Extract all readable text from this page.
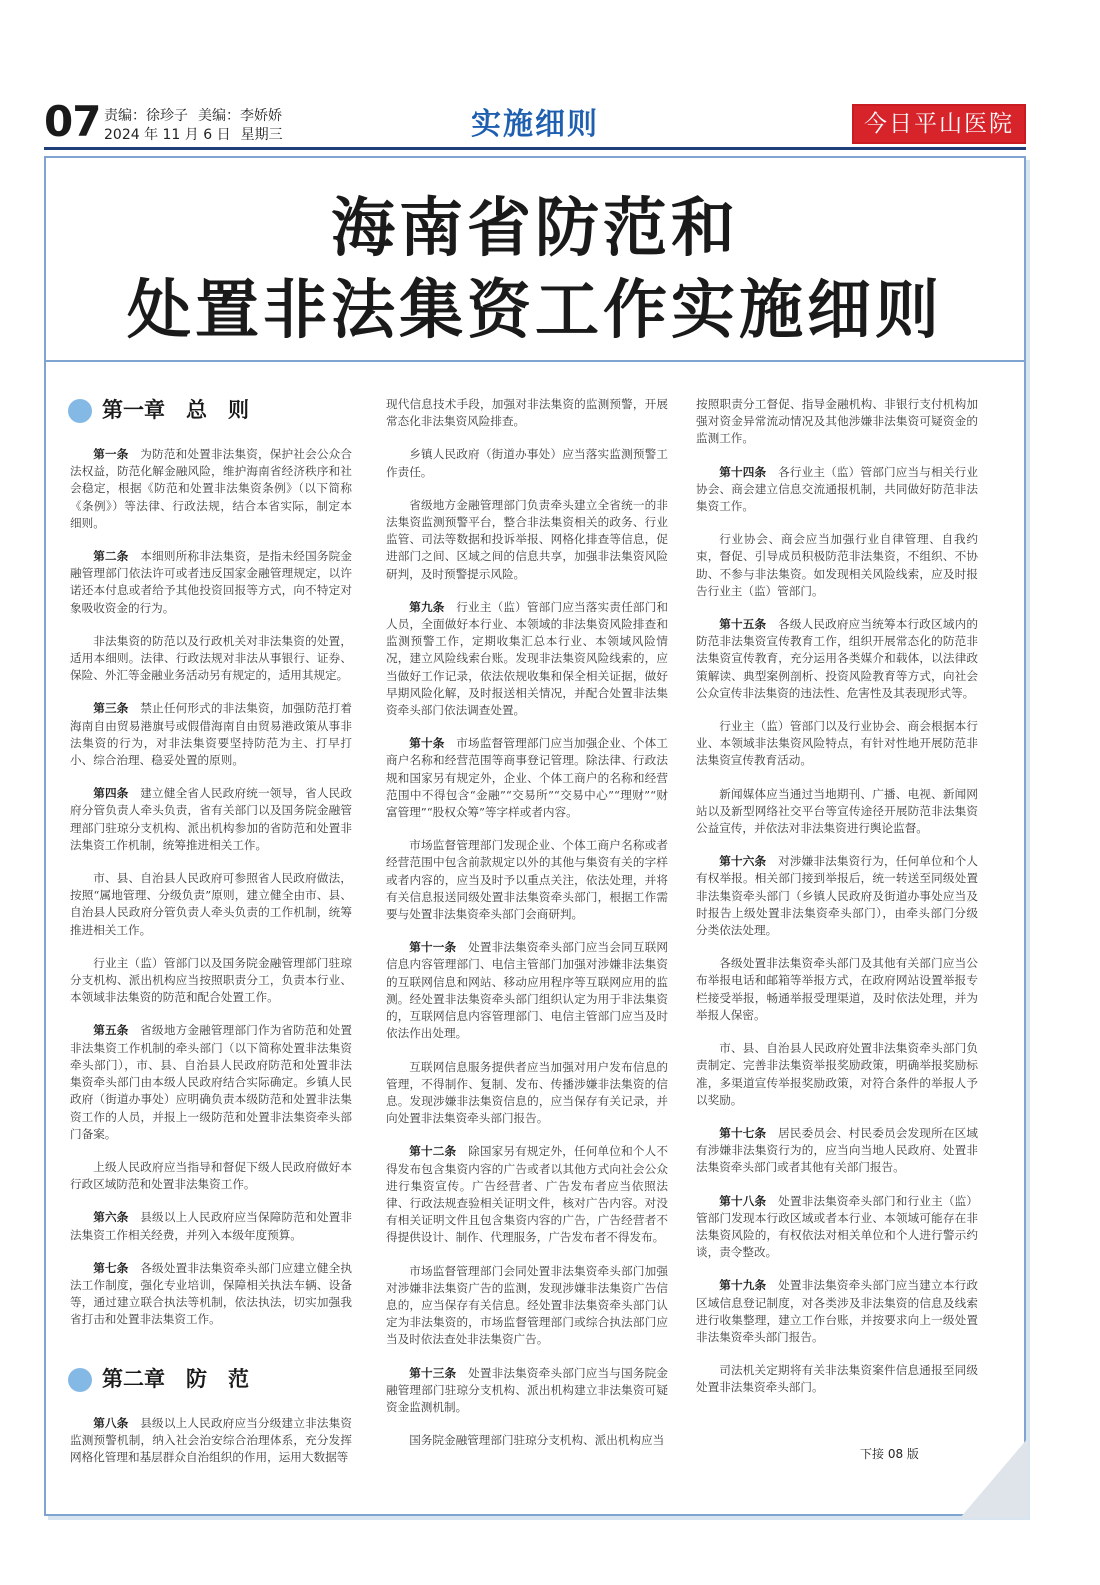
07 责编：徐珍子 美编：李娇娇
2024 年 11 月 6 日 星期三	实施细则	今日平山医院
海南省防范和
处置非法集资工作实施细则
第一章　总　则

第一条　 为防范和处置非法集资，保护社会公众合法权益，防范化解金融风险，维护海南省经济秩序和社会稳定，根据《防范和处置非法集资条例》（以下简称《条例》）等法律、行政法规，结合本省实际，制定本细则。

第二条　 本细则所称非法集资，是指未经国务院金融管理部门依法许可或者违反国家金融管理规定，以许诺还本付息或者给予其他投资回报等方式，向不特定对象吸收资金的行为。

非法集资的防范以及行政机关对非法集资的处置，适用本细则。法律、行政法规对非法从事银行、证券、保险、外汇等金融业务活动另有规定的，适用其规定。

第三条　 禁止任何形式的非法集资，加强防范打着海南自由贸易港旗号或假借海南自由贸易港政策从事非法集资的行为，对非法集资要坚持防范为主、打早打小、综合治理、稳妥处置的原则。

第四条　 建立健全省人民政府统一领导，省人民政府分管负责人牵头负责，省有关部门以及国务院金融管理部门驻琼分支机构、派出机构参加的省防范和处置非法集资工作机制，统筹推进相关工作。

市、县、自治县人民政府可参照省人民政府做法，按照“属地管理、分级负责”原则，建立健全由市、县、自治县人民政府分管负责人牵头负责的工作机制，统筹推进相关工作。

行业主（监）管部门以及国务院金融管理部门驻琼分支机构、派出机构应当按照职责分工，负责本行业、本领域非法集资的防范和配合处置工作。

第五条　 省级地方金融管理部门作为省防范和处置非法集资工作机制的牵头部门（以下简称处置非法集资牵头部门），市、县、自治县人民政府防范和处置非法集资牵头部门由本级人民政府结合实际确定。乡镇人民政府（街道办事处）应明确负责本级防范和处置非法集资工作的人员，并报上一级防范和处置非法集资牵头部门备案。

上级人民政府应当指导和督促下级人民政府做好本行政区域防范和处置非法集资工作。

第六条　 县级以上人民政府应当保障防范和处置非法集资工作相关经费，并列入本级年度预算。

第七条　 各级处置非法集资牵头部门应建立健全执法工作制度，强化专业培训，保障相关执法车辆、设备等，通过建立联合执法等机制，依法执法，切实加强我省打击和处置非法集资工作。

第二章　防　范

第八条　 县级以上人民政府应当分级建立非法集资监测预警机制，纳入社会治安综合治理体系，充分发挥网格化管理和基层群众自治组织的作用，运用大数据等

现代信息技术手段，加强对非法集资的监测预警，开展常态化非法集资风险排查。

乡镇人民政府（街道办事处）应当落实监测预警工作责任。

省级地方金融管理部门负责牵头建立全省统一的非法集资监测预警平台，整合非法集资相关的政务、行业监管、司法等数据和投诉举报、网格化排查等信息，促进部门之间、区域之间的信息共享，加强非法集资风险研判，及时预警提示风险。

第九条　 行业主（监）管部门应当落实责任部门和人员，全面做好本行业、本领域的非法集资风险排查和监测预警工作，定期收集汇总本行业、本领域风险情况，建立风险线索台账。发现非法集资风险线索的，应当做好工作记录，依法依规收集和保全相关证据，做好早期风险化解，及时报送相关情况，并配合处置非法集资牵头部门依法调查处置。

第十条　 市场监督管理部门应当加强企业、个体工商户名称和经营范围等商事登记管理。除法律、行政法规和国家另有规定外，企业、个体工商户的名称和经营范围中不得包含“金融”“交易所”“交易中心”“理财”“财富管理”“股权众筹”等字样或者内容。

市场监督管理部门发现企业、个体工商户名称或者经营范围中包含前款规定以外的其他与集资有关的字样或者内容的，应当及时予以重点关注，依法处理，并将有关信息报送同级处置非法集资牵头部门，根据工作需要与处置非法集资牵头部门会商研判。

第十一条　 处置非法集资牵头部门应当会同互联网信息内容管理部门、电信主管部门加强对涉嫌非法集资的互联网信息和网站、移动应用程序等互联网应用的监测。经处置非法集资牵头部门组织认定为用于非法集资的，互联网信息内容管理部门、电信主管部门应当及时依法作出处理。

互联网信息服务提供者应当加强对用户发布信息的管理，不得制作、复制、发布、传播涉嫌非法集资的信息。发现涉嫌非法集资信息的，应当保存有关记录，并向处置非法集资牵头部门报告。

第十二条　 除国家另有规定外，任何单位和个人不得发布包含集资内容的广告或者以其他方式向社会公众进行集资宣传。广告经营者、广告发布者应当依照法律、行政法规查验相关证明文件，核对广告内容。对没有相关证明文件且包含集资内容的广告，广告经营者不得提供设计、制作、代理服务，广告发布者不得发布。

市场监督管理部门会同处置非法集资牵头部门加强对涉嫌非法集资广告的监测，发现涉嫌非法集资广告信息的，应当保存有关信息。经处置非法集资牵头部门认定为非法集资的，市场监督管理部门或综合执法部门应当及时依法查处非法集资广告。

第十三条　 处置非法集资牵头部门应当与国务院金融管理部门驻琼分支机构、派出机构建立非法集资可疑资金监测机制。

国务院金融管理部门驻琼分支机构、派出机构应当

按照职责分工督促、指导金融机构、非银行支付机构加强对资金异常流动情况及其他涉嫌非法集资可疑资金的监测工作。

第十四条　 各行业主（监）管部门应当与相关行业协会、商会建立信息交流通报机制，共同做好防范非法集资工作。

行业协会、商会应当加强行业自律管理、自我约束，督促、引导成员积极防范非法集资，不组织、不协助、不参与非法集资。如发现相关风险线索，应及时报告行业主（监）管部门。

第十五条　 各级人民政府应当统筹本行政区域内的防范非法集资宣传教育工作，组织开展常态化的防范非法集资宣传教育，充分运用各类媒介和载体，以法律政策解读、典型案例剖析、投资风险教育等方式，向社会公众宣传非法集资的违法性、危害性及其表现形式等。

行业主（监）管部门以及行业协会、商会根据本行业、本领域非法集资风险特点，有针对性地开展防范非法集资宣传教育活动。

新闻媒体应当通过当地期刊、广播、电视、新闻网站以及新型网络社交平台等宣传途径开展防范非法集资公益宣传，并依法对非法集资进行舆论监督。

第十六条　 对涉嫌非法集资行为，任何单位和个人有权举报。相关部门接到举报后，统一转送至同级处置非法集资牵头部门（乡镇人民政府及街道办事处应当及时报告上级处置非法集资牵头部门），由牵头部门分级分类依法处理。

各级处置非法集资牵头部门及其他有关部门应当公布举报电话和邮箱等举报方式，在政府网站设置举报专栏接受举报，畅通举报受理渠道，及时依法处理，并为举报人保密。

市、县、自治县人民政府处置非法集资牵头部门负责制定、完善非法集资举报奖励政策，明确举报奖励标准，多渠道宣传举报奖励政策，对符合条件的举报人予以奖励。

第十七条　 居民委员会、村民委员会发现所在区域有涉嫌非法集资行为的，应当向当地人民政府、处置非法集资牵头部门或者其他有关部门报告。

第十八条　 处置非法集资牵头部门和行业主（监）管部门发现本行政区域或者本行业、本领域可能存在非法集资风险的，有权依法对相关单位和个人进行警示约谈，责令整改。

第十九条　 处置非法集资牵头部门应当建立本行政区域信息登记制度，对各类涉及非法集资的信息及线索进行收集整理，建立工作台账，并按要求向上一级处置非法集资牵头部门报告。

司法机关定期将有关非法集资案件信息通报至同级处置非法集资牵头部门。

下接 08 版
